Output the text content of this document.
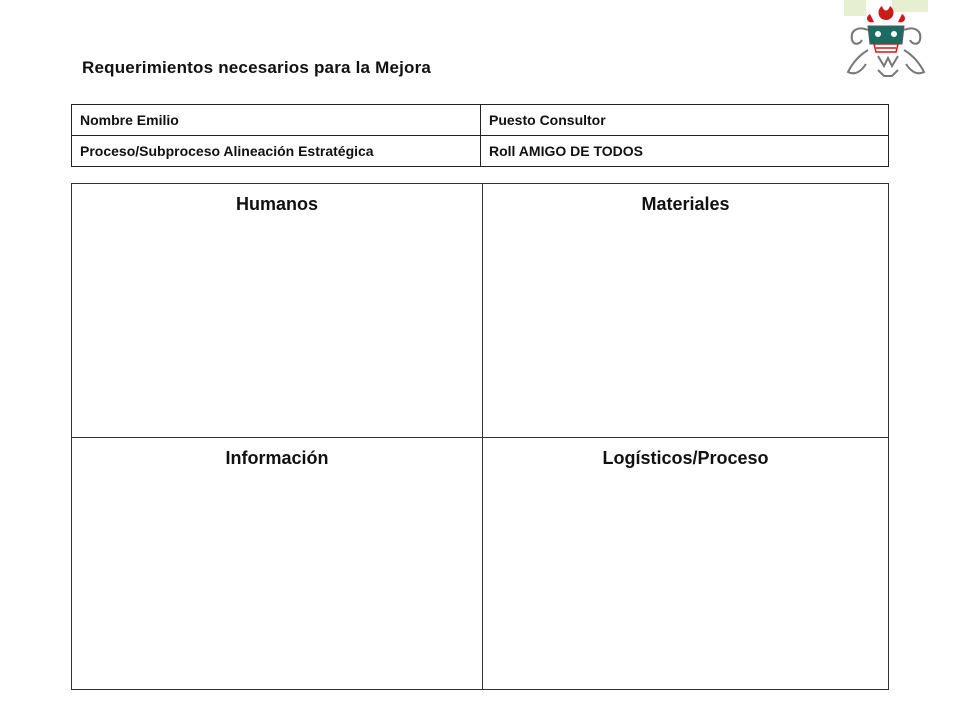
Requerimientos necesarios para la Mejora
Nombre Emilio	Puesto Consultor
Proceso/Subproceso Alineación Estratégica	Roll AMIGO DE TODOS
Humanos	Materiales
Información	Logísticos/Proceso
